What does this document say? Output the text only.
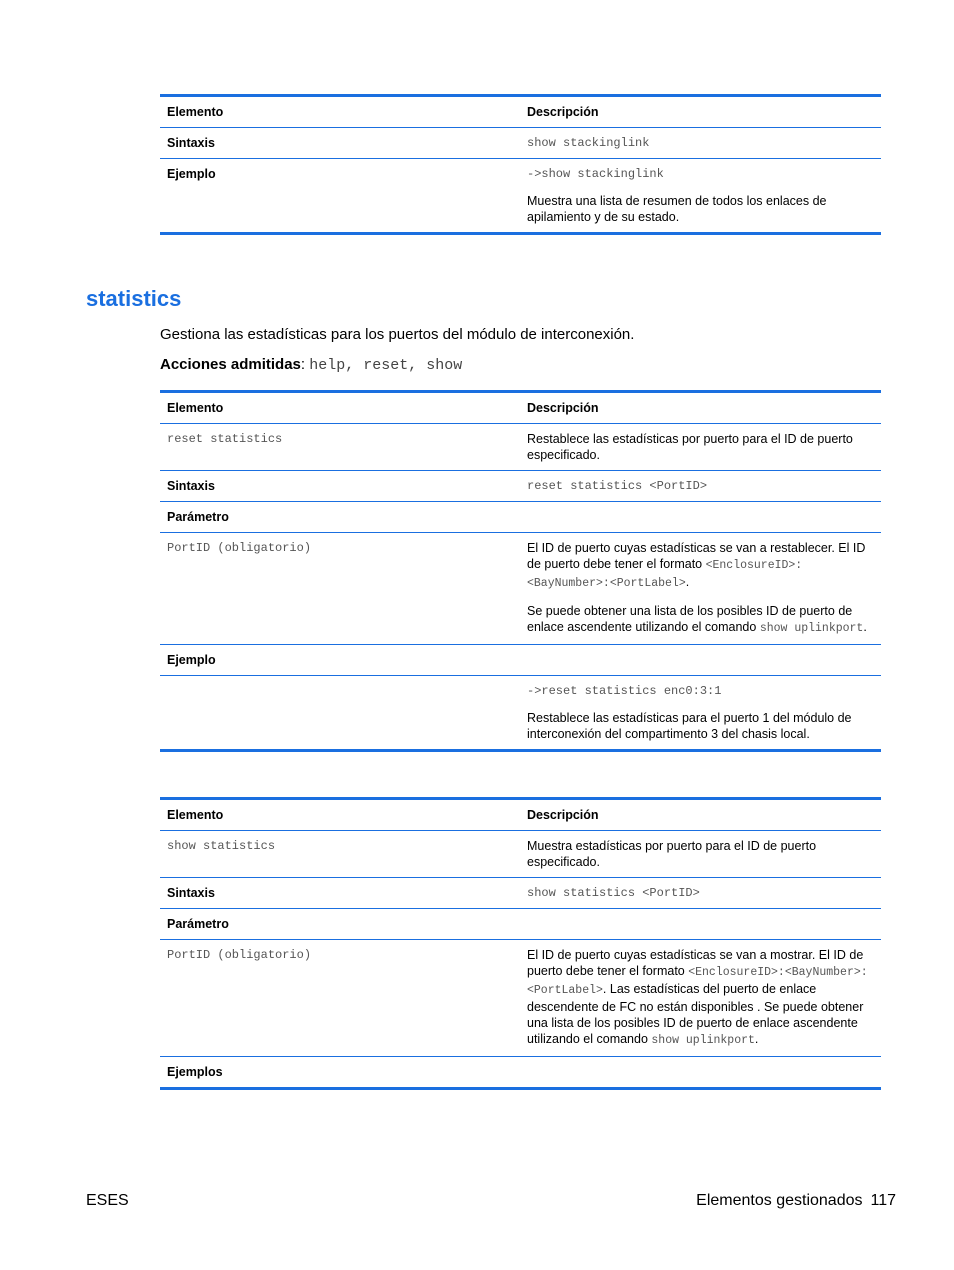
Elemento	Descripción
Sintaxis	show stackinglink
Ejemplo	->show stackinglink
Muestra una lista de resumen de todos los enlaces de apilamiento y de su estado.
statistics
Gestiona las estadísticas para los puertos del módulo de interconexión.
Acciones admitidas: help, reset, show
Elemento	Descripción
reset statistics	Restablece las estadísticas por puerto para el ID de puerto especificado.
Sintaxis	reset statistics <PortID>
Parámetro
PortID (obligatorio)	El ID de puerto cuyas estadísticas se van a restablecer. El ID de puerto debe tener el formato <EnclosureID>:<BayNumber>:<PortLabel>.
Se puede obtener una lista de los posibles ID de puerto de enlace ascendente utilizando el comando show uplinkport.
Ejemplo
->reset statistics enc0:3:1
Restablece las estadísticas para el puerto 1 del módulo de interconexión del compartimento 3 del chasis local.
Elemento	Descripción
show statistics	Muestra estadísticas por puerto para el ID de puerto especificado.
Sintaxis	show statistics <PortID>
Parámetro
PortID (obligatorio)	El ID de puerto cuyas estadísticas se van a mostrar. El ID de puerto debe tener el formato <EnclosureID>:<BayNumber>:<PortLabel>. Las estadísticas del puerto de enlace descendente de FC no están disponibles . Se puede obtener una lista de los posibles ID de puerto de enlace ascendente utilizando el comando show uplinkport.
Ejemplos
ESES	Elementos gestionados 117
